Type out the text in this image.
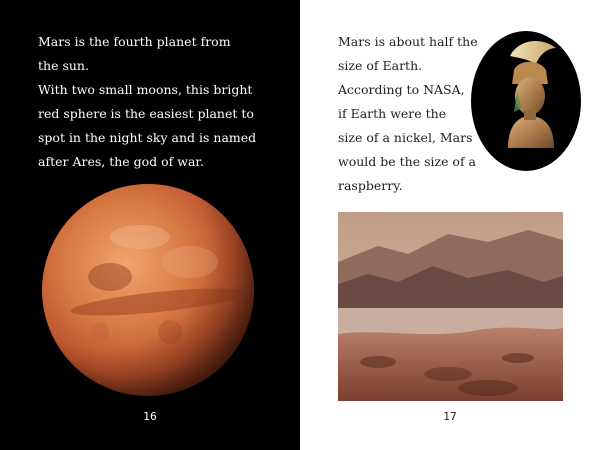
Mars is the fourth planet from
the sun.
With two small moons, this bright
red sphere is the easiest planet to
spot in the night sky and is named
after Ares, the god of war.
16
Mars is about half the
size of Earth.
According to NASA,
if Earth were the
size of a nickel, Mars
would be the size of a
raspberry.
17
